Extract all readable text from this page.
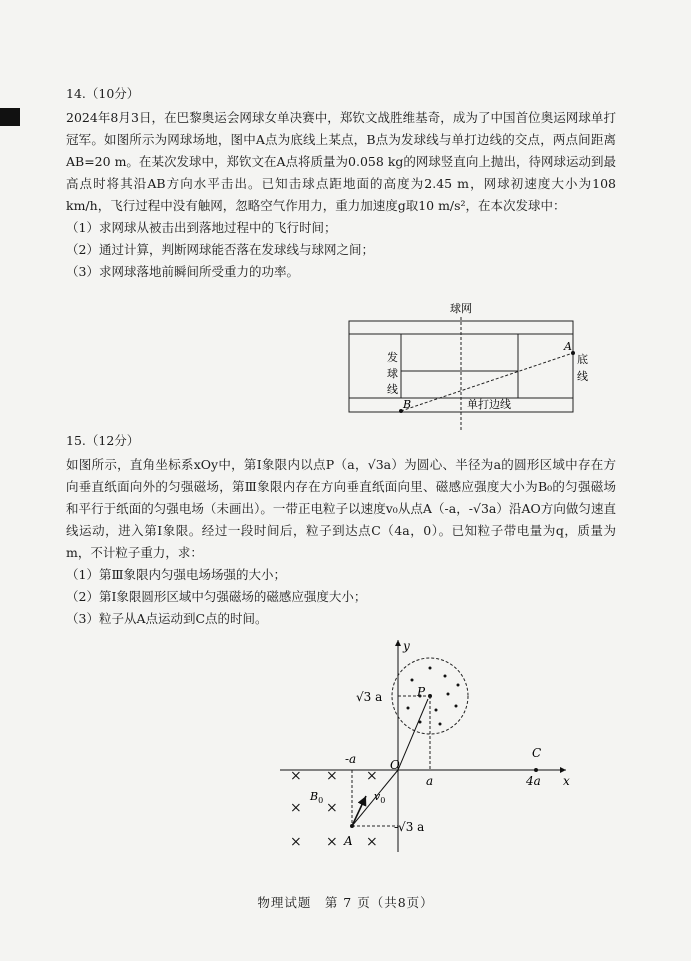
14.（10分）

2024年8月3日，在巴黎奥运会网球女单决赛中，郑钦文战胜维基奇，成为了中国首位奥运网球单打冠军。如图所示为网球场地，图中A点为底线上某点，B点为发球线与单打边线的交点，两点间距离AB=20 m。在某次发球中，郑钦文在A点将质量为0.058 kg的网球竖直向上抛出，待网球运动到最高点时将其沿AB方向水平击出。已知击球点距地面的高度为2.45 m，网球初速度大小为108 km/h，飞行过程中没有触网，忽略空气作用力，重力加速度g取10 m/s²，在本次发球中：

（1）求网球从被击出到落地过程中的飞行时间；

（2）通过计算，判断网球能否落在发球线与球网之间；

（3）求网球落地前瞬间所受重力的功率。

球网
A
B
发
球
线
底
线
单打边线
15.（12分）

如图所示，直角坐标系xOy中，第Ⅰ象限内以点P（a，√3a）为圆心、半径为a的圆形区域中存在方向垂直纸面向外的匀强磁场，第Ⅲ象限内存在方向垂直纸面向里、磁感应强度大小为B₀的匀强磁场和平行于纸面的匀强电场（未画出）。一带正电粒子以速度v₀从点A（-a，-√3a）沿AO方向做匀速直线运动，进入第Ⅰ象限。经过一段时间后，粒子到达点C（4a，0）。已知粒子带电量为q，质量为m，不计粒子重力，求：

（1）第Ⅲ象限内匀强电场场强的大小；

（2）第Ⅰ象限圆形区域中匀强磁场的磁感应强度大小；

（3）粒子从A点运动到C点的时间。

y
x
O
P
$v_0$
A
C
√3 a
-√3 a
-a
a	4a
$B_0$
× × ×
× ×
× × ×
物理试题　第 7 页（共8页）
